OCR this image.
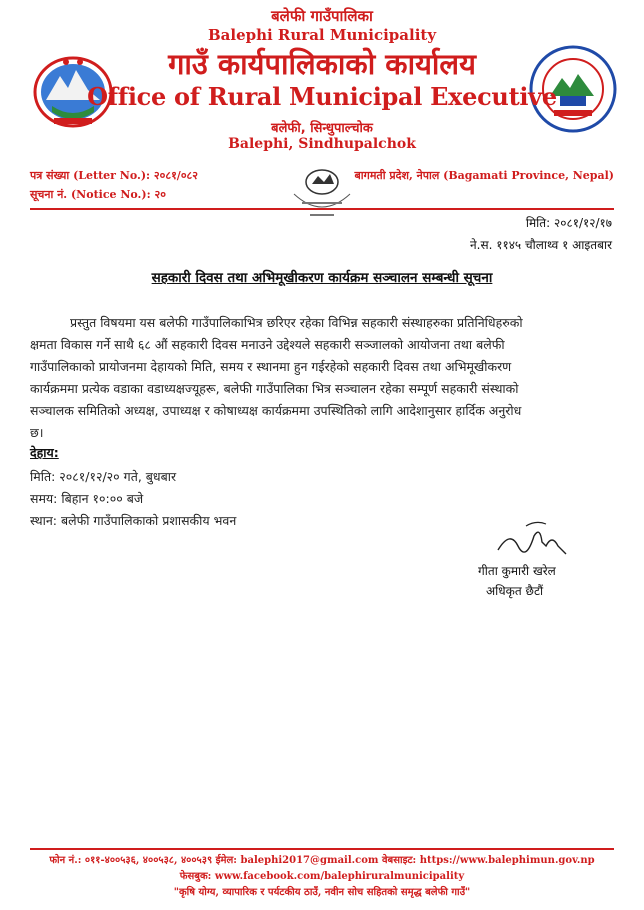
बलेफी गाउँपालिका
Balephi Rural Municipality
गाउँ कार्यपालिकाको कार्यालय
Office of Rural Municipal Executive
बलेफी, सिन्धुपाल्चोक
Balephi, Sindhupalchok
पत्र संख्या (Letter No.): २०८१/०८२
सूचना नं. (Notice No.): २०
बागमती प्रदेश, नेपाल (Bagamati Province, Nepal)
मिति: २०८१/१२/१७
ने.स. ११४५ चौलाथ्व १ आइतबार
सहकारी दिवस तथा अभिमूखीकरण कार्यक्रम सञ्चालन सम्बन्धी सूचना
प्रस्तुत विषयमा यस बलेफी गाउँपालिकाभित्र छरिएर रहेका विभिन्न सहकारी संस्थाहरुका प्रतिनिधिहरुको
क्षमता विकास गर्ने साथै ६८ औं सहकारी दिवस मनाउने उद्देश्यले सहकारी सञ्जालको आयोजना तथा बलेफी
गाउँपालिकाको प्रायोजनमा देहायको मिति, समय र स्थानमा हुन गईरहेको सहकारी दिवस तथा अभिमूखीकरण
कार्यक्रममा प्रत्येक वडाका वडाध्यक्षज्यूहरू, बलेफी गाउँपालिका भित्र सञ्चालन रहेका सम्पूर्ण सहकारी संस्थाको
सञ्चालक समितिको अध्यक्ष, उपाध्यक्ष र कोषाध्यक्ष कार्यक्रममा उपस्थितिको लागि आदेशानुसार हार्दिक अनुरोध
छ।
देहाय:
मिति: २०८१/१२/२० गते, बुधबार
समय: बिहान १०:०० बजे
स्थान: बलेफी गाउँपालिकाको प्रशासकीय भवन
गीता कुमारी खरेल
अधिकृत छैटौं
फोन नं.: ०११-४००५३६, ४००५३८, ४००५३९ ईमेल: balephi2017@gmail.com वेबसाइट: https://www.balephimun.gov.np
फेसबुक: www.facebook.com/balephiruralmunicipality
"कृषि योग्य, व्यापारिक र पर्यटकीय ठाउँ, नवीन सोच सहितको समृद्ध बलेफी गाउँ"
